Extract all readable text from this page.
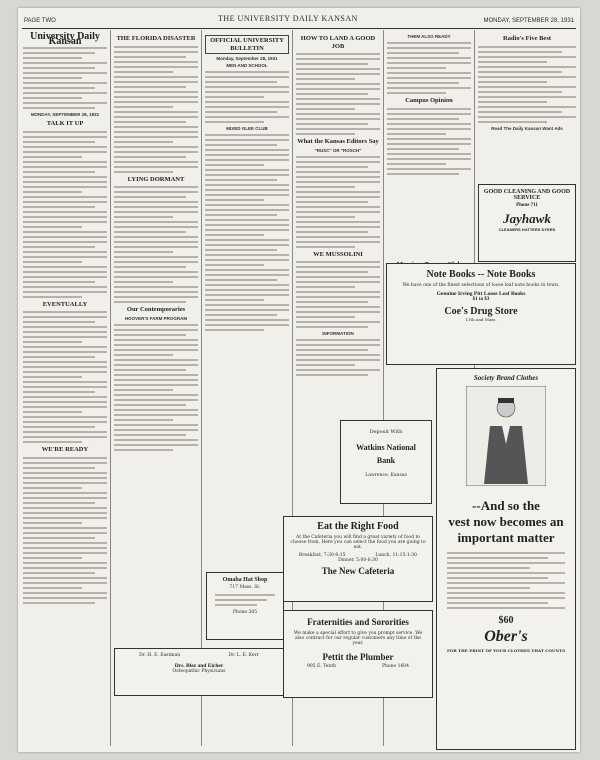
PAGE TWO	THE UNIVERSITY DAILY KANSAN	MONDAY, SEPTEMBER 28, 1931
University Daily Kansan
MONDAY, SEPTEMBER 28, 1931
TALK IT UP
EVENTUALLY
WE'RE READY
THE FLORIDA DISASTER
LYING DORMANT
Our Contemporaries
HOOVER'S FARM PROGRAM
OFFICIAL UNIVERSITY BULLETIN
Monday, September 28, 1931
MEN AND SCHOOL
MIXED GLEE CLUB
HOW TO LAND A GOOD JOB
What the Kansas Editors Say
"RUSC" OR "ROSCH"
WE MUSSOLINI
INFORMATION
THEM ALSO READY
Campus Opinion
Radio's Five Best
Read The Daily Kansan Want Ads
GOOD CLEANING AND GOOD SERVICE
Phone 711
Jayhawk
CLEANERS HATTERS DYERS
Note Books -- Note Books
We have one of the finest selections of loose leaf note books in town.
Genuine Irving Pitt Loose Leaf Books
$1 to $3
Coe's Drug Store
11th and Mass.
Society Brand Clothes
--And so the
vest now becomes an
important matter
$60
Ober's
FOR THE PRINT OF YOUR CLOTHES THAT COUNTS
Deposit With
Watkins National
Bank
Lawrence, Kansas
Eat the Right Food
At the Cafeteria you will find a great variety of food to choose from. Here you can select the food you are going to eat.
Breakfast, 7:30-8:15	Lunch, 11:15-1:30
Dinner, 5:00-6:30
The New Cafeteria
Omaha Hat Shop
717 Mass. St.
Phone 305
Fraternities and Sororities
We make a special effort to give you prompt service. We also contract for our regular customers any time of the year.
Pettit the Plumber
905 E. Tenth	Phone 1604
Dr. H. E. Eastman	Dr. L. E. Kerr
Drs. Blez and Eicher
Osteopathic Physicians
